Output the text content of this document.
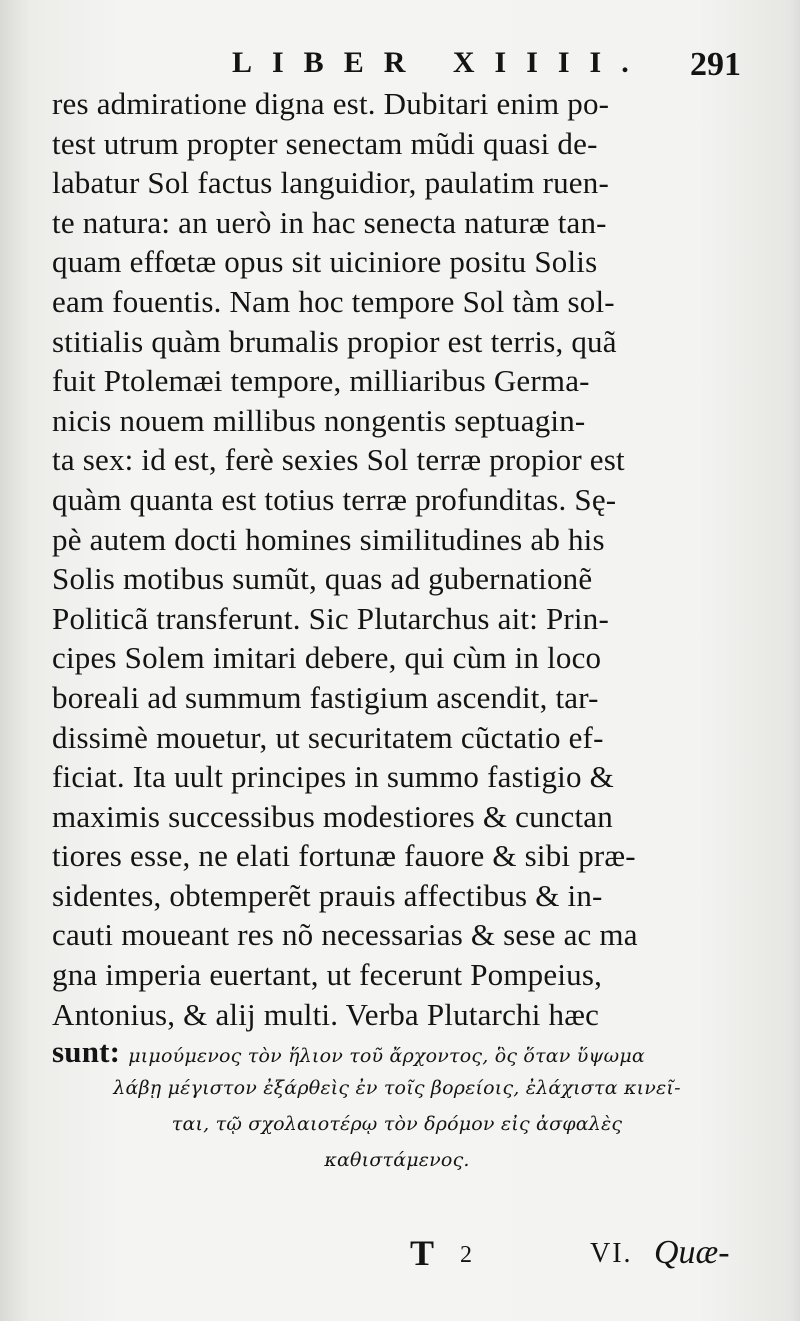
LIBER XIIII. 291
res admiratione digna est. Dubitari enim po-
test utrum propter senectam mũdi quasi de-
labatur Sol factus languidior, paulatim ruen-
te natura: an uerò in hac senecta naturæ tan-
quam effœtæ opus sit uiciniore positu Solis
eam fouentis. Nam hoc tempore Sol tàm sol-
stitialis quàm brumalis propior est terris, quã
fuit Ptolemæi tempore, milliaribus Germa-
nicis nouem millibus nongentis septuagin-
ta sex: id est, ferè sexies Sol terræ propior est
quàm quanta est totius terræ profunditas. Sę-
pè autem docti homines similitudines ab his
Solis motibus sumũt, quas ad gubernationẽ
Politicã transferunt. Sic Plutarchus ait: Prin-
cipes Solem imitari debere, qui cùm in loco
boreali ad summum fastigium ascendit, tar-
dissimè mouetur, ut securitatem cũctatio ef-
ficiat. Ita uult principes in summo fastigio &
maximis successibus modestiores & cunctan
tiores esse, ne elati fortunæ fauore & sibi præ-
sidentes, obtemperẽt prauis affectibus & in-
cauti moueant res nõ necessarias & sese ac ma
gna imperia euertant, ut fecerunt Pompeius,
Antonius, & alij multi. Verba Plutarchi hæc
sunt: μιμούμενος τὸν ἥλιον τοῦ ἄρχοντος, ὃς ὅταν ὕψωμα
λάβῃ μέγιστον ἐξάρθεὶς ἐν τοῖς βορείοις, ἐλάχιστα κινεῖ-
ται, τῷ σχολαιοτέρῳ τὸν δρόμον εἰς ἀσφαλὲς
καθιστάμενος.
T 2	VI. Quæ-
